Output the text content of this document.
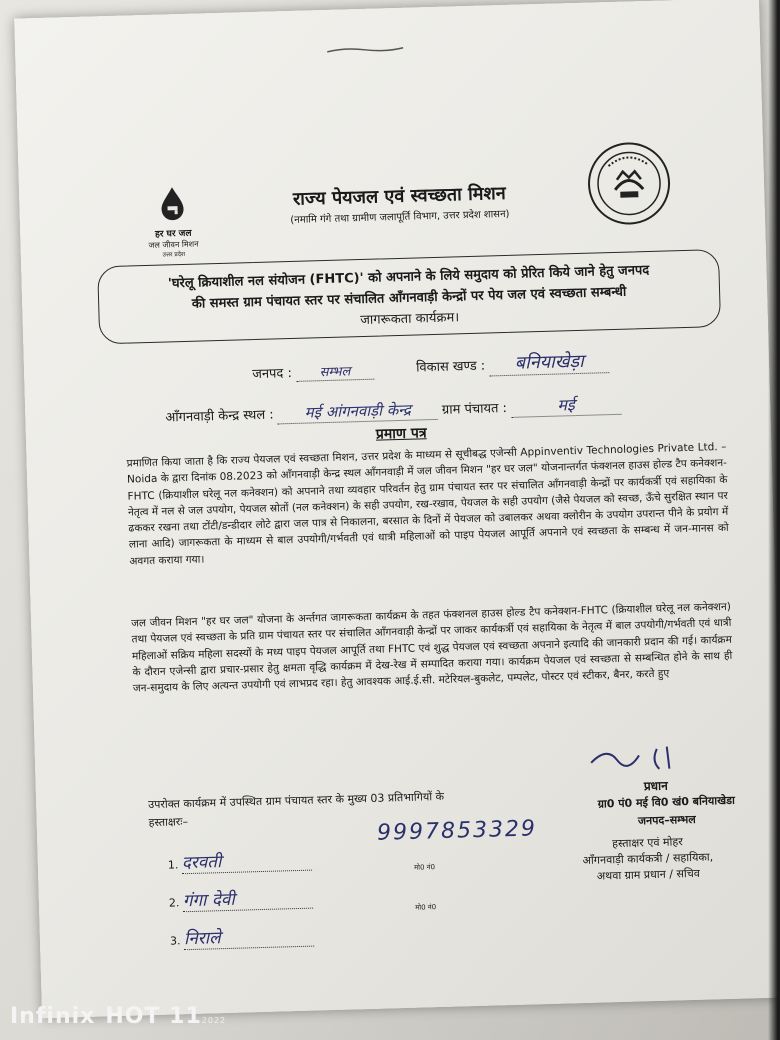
हर घर जल
जल जीवन मिशन
उत्तर प्रदेश
राज्य पेयजल एवं स्वच्छता मिशन
(नमामि गंगे तथा ग्रामीण जलापूर्ति विभाग, उत्तर प्रदेश शासन)
'घरेलू क्रियाशील नल संयोजन (FHTC)' को अपनाने के लिये समुदाय को प्रेरित किये जाने हेतु जनपद
की समस्त ग्राम पंचायत स्तर पर संचालित आँगनवाड़ी केन्द्रों पर पेय जल एवं स्वच्छता सम्बन्धी
जागरूकता कार्यक्रम।
जनपद : सम्भल	विकास खण्ड : बनियाखेड़ा
आँगनवाड़ी केन्द्र स्थल : मई आंगनवाड़ी केन्द्र ग्राम पंचायत :	मई
प्रमाण पत्र
प्रमाणित किया जाता है कि राज्य पेयजल एवं स्वच्छता मिशन, उत्तर प्रदेश के माध्यम से सूचीबद्ध एजेन्सी Appinventiv Technologies Private Ltd. – Noida के द्वारा दिनांक 08.2023 को आँगनवाड़ी केन्द्र स्थल आँगनवाड़ी में जल जीवन मिशन "हर घर जल" योजनान्तर्गत फंक्शनल हाउस होल्ड टैप कनेक्शन-FHTC (क्रियाशील घरेलू नल कनेक्शन) को अपनाने तथा व्यवहार परिवर्तन हेतु ग्राम पंचायत स्तर पर संचालित आँगनवाड़ी केन्द्रों पर कार्यकर्त्री एवं सहायिका के नेतृत्व में नल से जल उपयोग, पेयजल स्रोतों (नल कनेक्शन) के सही उपयोग, रख-रखाव, पेयजल के सही उपयोग (जैसे पेयजल को स्वच्छ, ऊँचे सुरक्षित स्थान पर ढककर रखना तथा टोंटी/डन्डीदार लोटे द्वारा जल पात्र से निकालना, बरसात के दिनों में पेयजल को उबालकर अथवा क्लोरीन के उपयोग उपरान्त पीने के प्रयोग में लाना आदि) जागरूकता के माध्यम से बाल उपयोगी/गर्भवती एवं धात्री महिलाओं को पाइप पेयजल आपूर्ति अपनाने एवं स्वच्छता के सम्बन्ध में जन-मानस को अवगत कराया गया।
जल जीवन मिशन "हर घर जल" योजना के अर्न्तगत जागरूकता कार्यक्रम के तहत फंक्शनल हाउस होल्ड टैप कनेक्शन-FHTC (क्रियाशील घरेलू नल कनेक्शन) तथा पेयजल एवं स्वच्छता के प्रति ग्राम पंचायत स्तर पर संचालित आँगनवाड़ी केन्द्रों पर जाकर कार्यकर्त्री एवं सहायिका के नेतृत्व में बाल उपयोगी/गर्भवती एवं धात्री महिलाओं सक्रिय महिला सदस्यों के मध्य पाइप पेयजल आपूर्ति तथा FHTC एवं शुद्ध पेयजल एवं स्वच्छता अपनाने इत्यादि की जानकारी प्रदान की गई। कार्यक्रम के दौरान एजेन्सी द्वारा प्रचार-प्रसार हेतु क्षमता वृद्धि कार्यक्रम में देख-रेख में सम्पादित कराया गया। कार्यक्रम पेयजल एवं स्वच्छता से सम्बन्धित होने के साथ ही जन-समुदाय के लिए अत्यन्त उपयोगी एवं लाभप्रद रहा। हेतु आवश्यक आई.ई.सी. मटेरियल-बुकलेट, पम्पलेट, पोस्टर एवं स्टीकर, बैनर, करते हुए
उपरोक्त कार्यक्रम में उपस्थित ग्राम पंचायत स्तर के मुख्य 03 प्रतिभागियों के
हस्ताक्षरः–
1. दरवती
2. गंगा देवी
3. निराले
9997853329
मो0 नं0
मो0 नं0
प्रधान
ग्रा0 पं0 मई वि0 खं0 बनियाखेडा
जनपद–सम्भल
हस्ताक्षर एवं मोहर
आँगनवाड़ी कार्यकत्री / सहायिका,
अथवा ग्राम प्रधान / सचिव
Infinix HOT 112022
